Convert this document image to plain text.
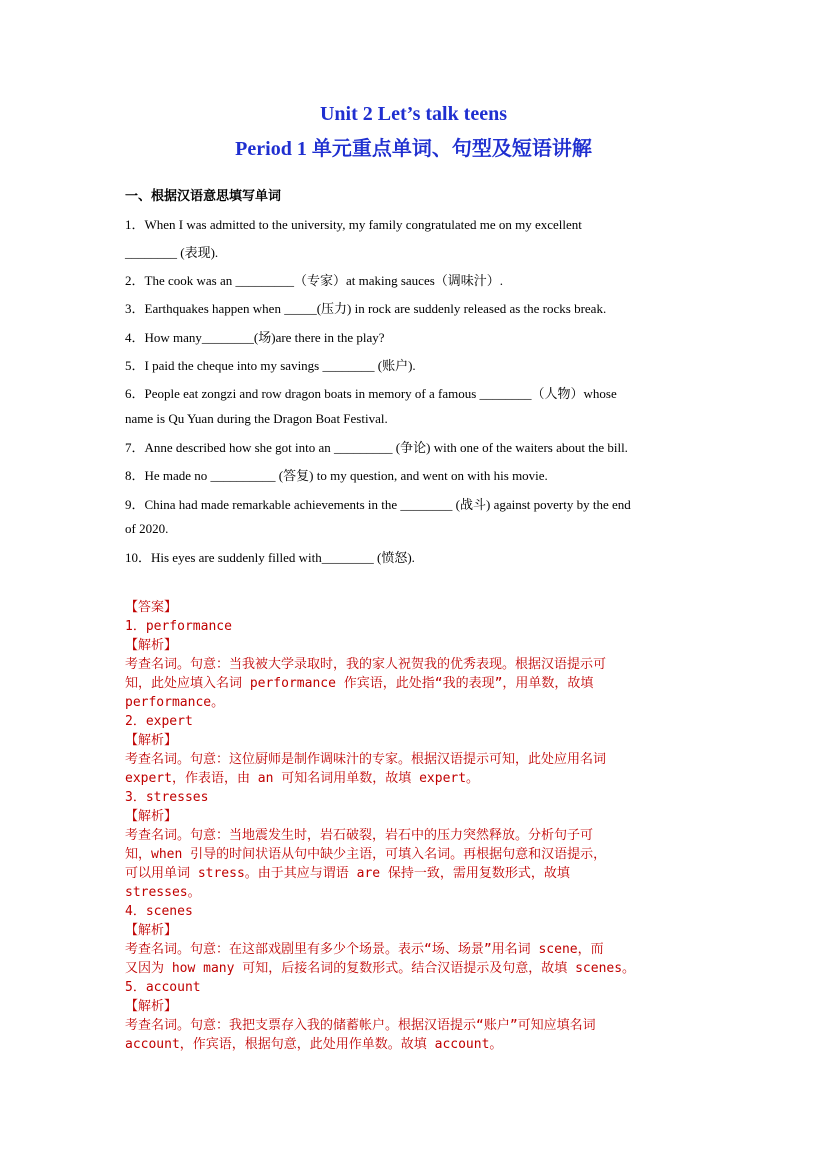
Unit 2 Let’s talk teens
Period 1 单元重点单词、句型及短语讲解
一、根据汉语意思填写单词
1．When I was admitted to the university, my family congratulated me on my excellent
________ (表现).
2．The cook was an _________（专家）at making sauces（调味汁）.
3．Earthquakes happen when _____(压力) in rock are suddenly released as the rocks break.
4．How many________(场)are there in the play?
5．I paid the cheque into my savings ________ (账户).
6．People eat zongzi and row dragon boats in memory of a famous ________（人物）whose
name is Qu Yuan during the Dragon Boat Festival.
7．Anne described how she got into an _________ (争论) with one of the waiters about the bill.
8．He made no __________ (答复) to my question, and went on with his movie.
9．China had made remarkable achievements in the ________ (战斗) against poverty by the end
of 2020.
10．His eyes are suddenly filled with________ (愤怒).
【答案】
1．performance
【解析】
考查名词。句意：当我被大学录取时，我的家人祝贺我的优秀表现。根据汉语提示可
知，此处应填入名词 performance 作宾语，此处指“我的表现”，用单数，故填
performance。
2．expert
【解析】
考查名词。句意：这位厨师是制作调味汁的专家。根据汉语提示可知，此处应用名词
expert，作表语，由 an 可知名词用单数，故填 expert。
3．stresses
【解析】
考查名词。句意：当地震发生时，岩石破裂，岩石中的压力突然释放。分析句子可
知，when 引导的时间状语从句中缺少主语，可填入名词。再根据句意和汉语提示，
可以用单词 stress。由于其应与谓语 are 保持一致，需用复数形式，故填
stresses。
4．scenes
【解析】
考查名词。句意：在这部戏剧里有多少个场景。表示“场、场景”用名词 scene，而
又因为 how many 可知，后接名词的复数形式。结合汉语提示及句意，故填 scenes。
5．account
【解析】
考查名词。句意：我把支票存入我的储蓄帐户。根据汉语提示“账户”可知应填名词
account，作宾语，根据句意，此处用作单数。故填 account。
